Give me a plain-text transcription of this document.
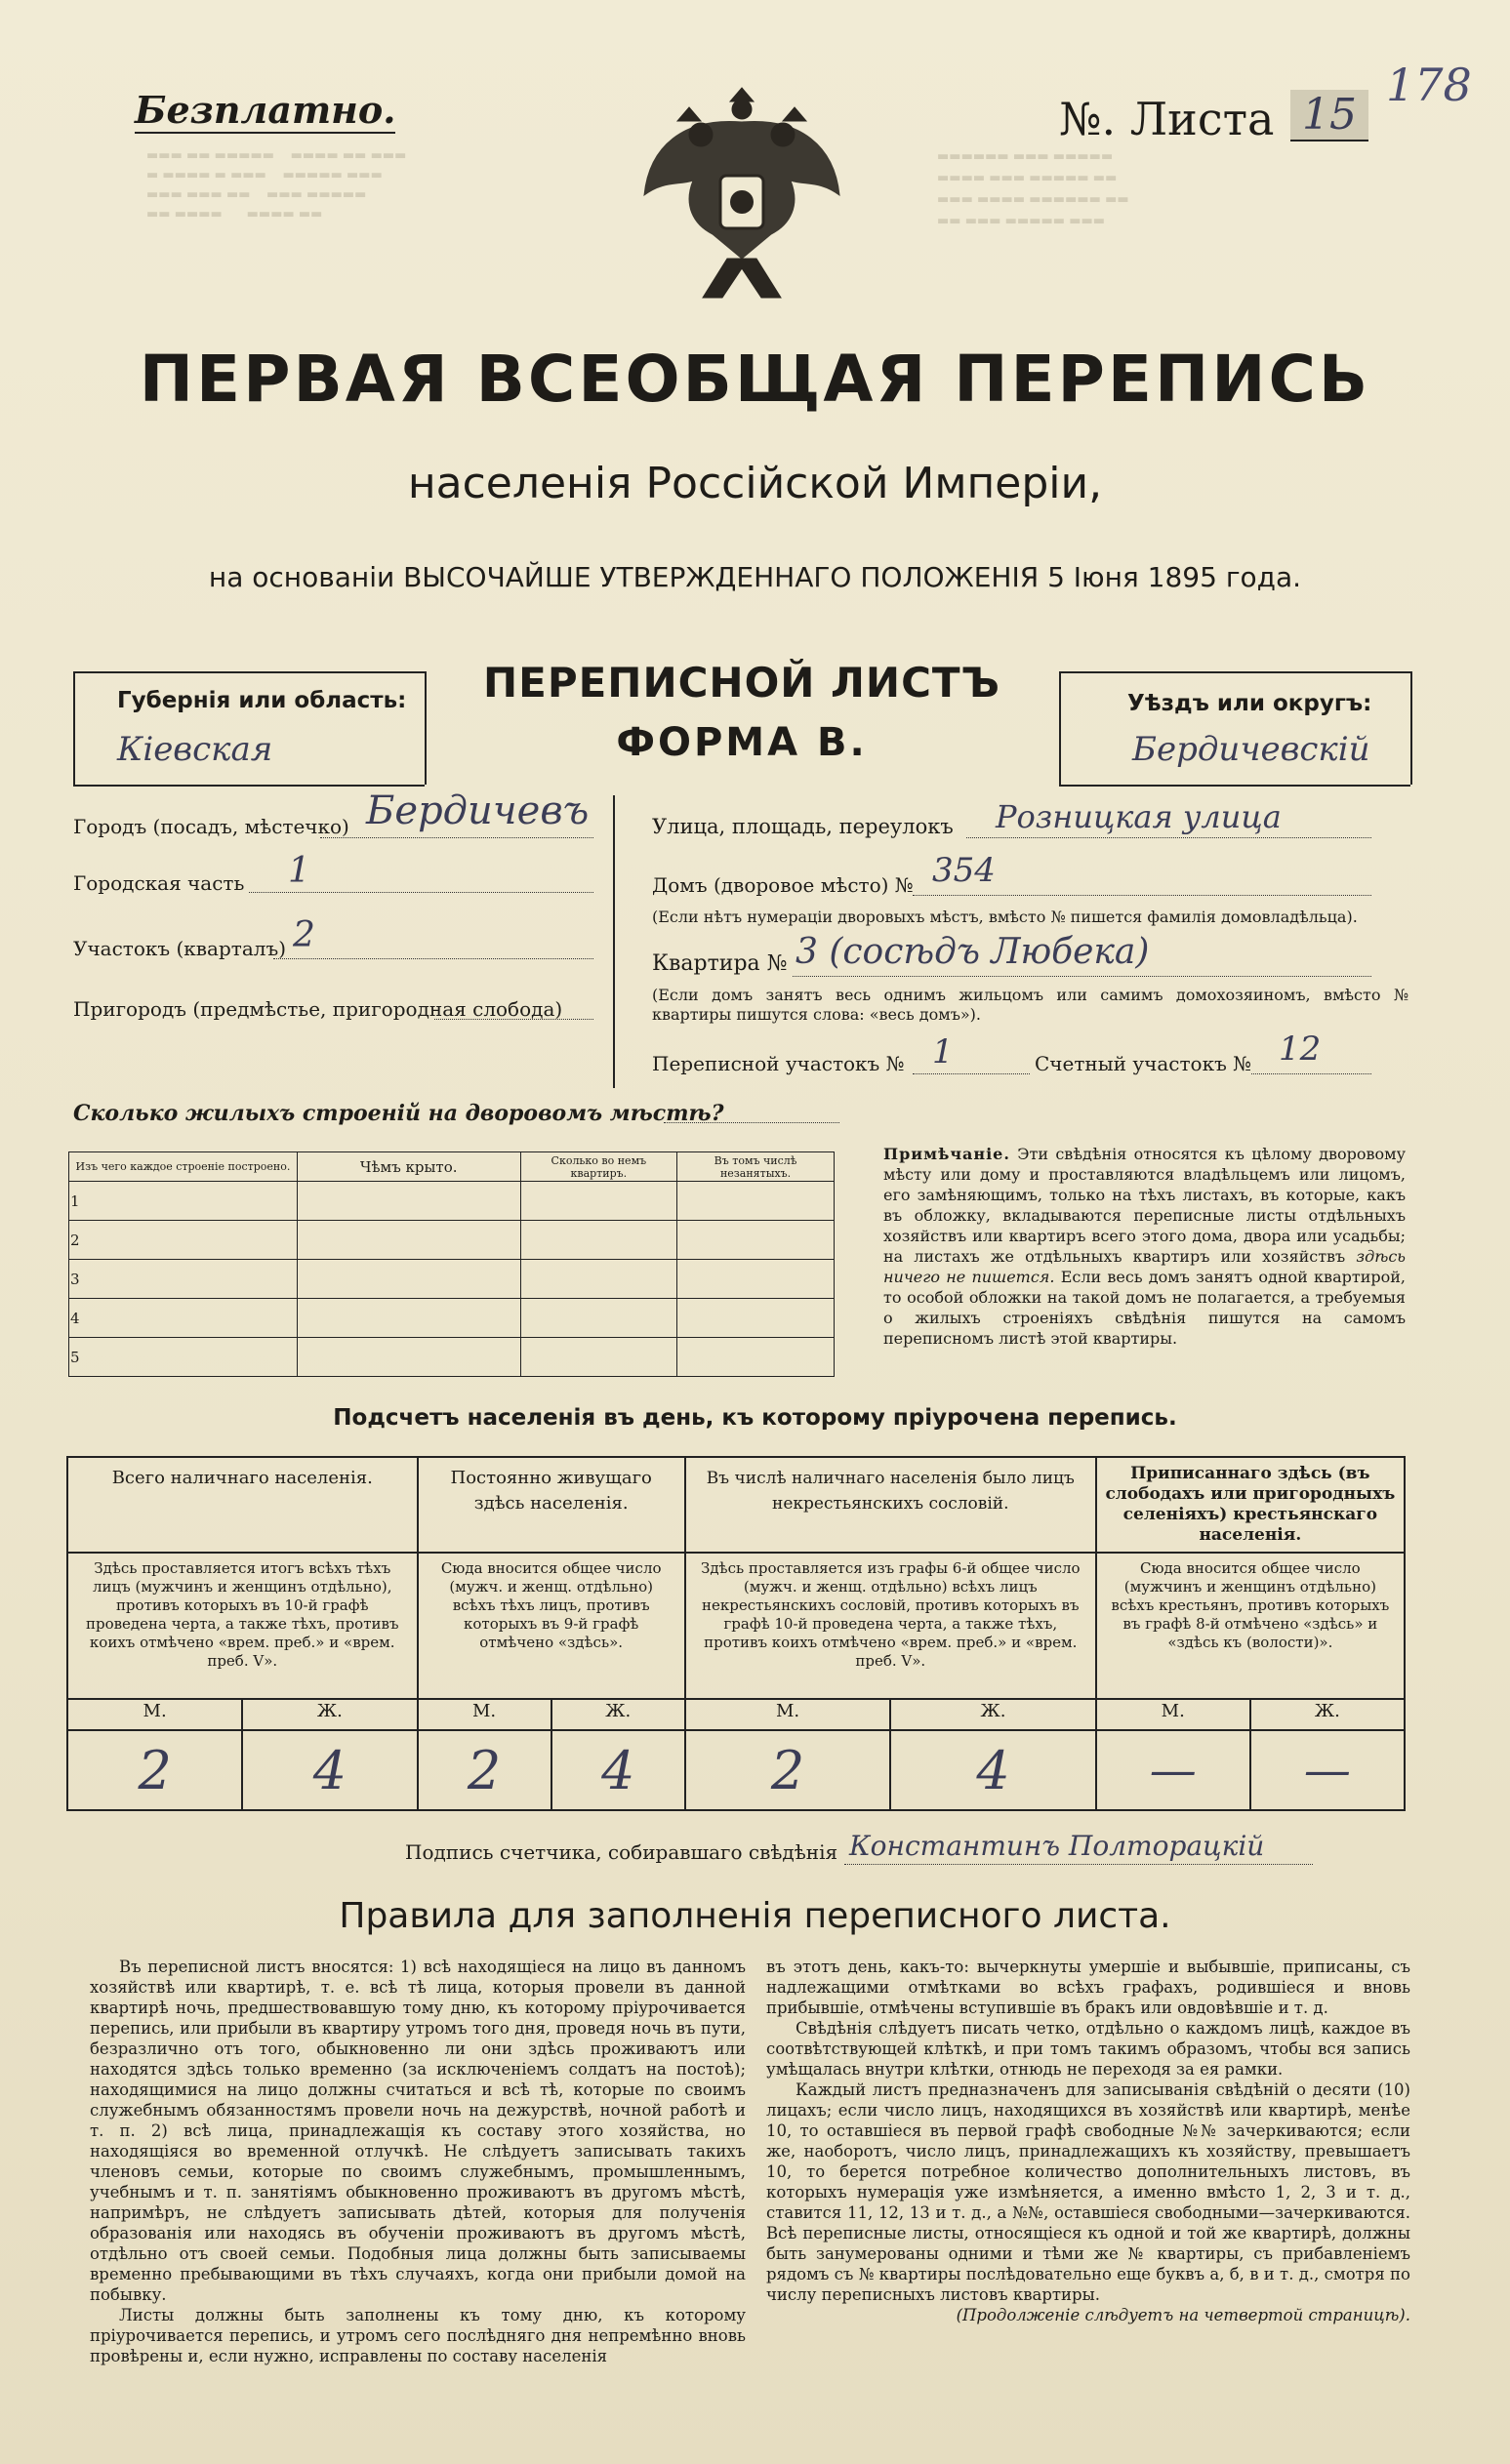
▬▬▬ ▬▬ ▬▬▬▬▬    ▬▬▬▬ ▬▬ ▬▬▬
▬ ▬▬▬▬ ▬ ▬▬▬    ▬▬▬▬▬ ▬▬▬
▬▬▬ ▬▬▬ ▬▬    ▬▬▬ ▬▬▬▬▬
▬▬ ▬▬▬▬      ▬▬▬▬ ▬▬
▬▬▬▬▬▬ ▬▬▬ ▬▬▬▬▬
▬▬▬▬ ▬▬▬ ▬▬▬▬▬ ▬▬
▬▬▬ ▬▬▬▬ ▬▬▬▬▬▬ ▬▬
▬▬ ▬▬▬ ▬▬▬▬▬ ▬▬▬
Безплатно.	№. Листа 15
178
ПЕРВАЯ ВСЕОБЩАЯ ПЕРЕПИСЬ
населенія Россійской Имперіи,
на основаніи ВЫСОЧАЙШЕ УТВЕРЖДЕННАГО ПОЛОЖЕНІЯ 5 Іюня 1895 года.
Губернія или область:
Кіевская
ПЕРЕПИСНОЙ ЛИСТЪ
ФОРМА В.
Уѣздъ или округъ:
Бердичевскій
Городъ (посадъ, мѣстечко) Бердичевъ
Городская часть 1
Участокъ (кварталъ) 2
Пригородъ (предмѣстье, пригородная слобода)
Улица, площадь, переулокъ Розницкая улица
Домъ (дворовое мѣсто) № 354
(Если нѣтъ нумераціи дворовыхъ мѣстъ, вмѣсто № пишется фамилія домовладѣльца).
Квартира № 3 (сосѣдъ Любека)
(Если домъ занятъ весь однимъ жильцомъ или самимъ домохозяиномъ, вмѣсто № квартиры пишутся слова: «весь домъ»).
Переписной участокъ № 1	Счетный участокъ № 12
Сколько жилыхъ строеній на дворовомъ мѣстѣ?
Изъ чего каждое строеніе построено.	Чѣмъ крыто.	Сколько во немъ квартиръ.	Въ томъ числѣ незанятыхъ.
1			
2			
3			
4			
5			
Примѣчаніе. Эти свѣдѣнія относятся къ цѣлому дворовому мѣсту или дому и проставляются владѣльцемъ или лицомъ, его замѣняющимъ, только на тѣхъ листахъ, въ которые, какъ въ обложку, вкладываются переписные листы отдѣльныхъ хозяйствъ или квартиръ всего этого дома, двора или усадьбы; на листахъ же отдѣльныхъ квартиръ или хозяйствъ здѣсь ничего не пишется. Если весь домъ занятъ одной квартирой, то особой обложки на такой домъ не полагается, а требуемыя о жилыхъ строеніяхъ свѣдѣнія пишутся на самомъ переписномъ листѣ этой квартиры.
Подсчетъ населенія въ день, къ которому пріурочена перепись.
Всего наличнаго населенія.		Постоянно живущаго здѣсь населенія.		Въ числѣ наличнаго населенія было лицъ некрестьянскихъ сословій.		Приписаннаго здѣсь (въ слободахъ или пригородныхъ селеніяхъ) крестьянскаго населенія.	
Здѣсь проставляется итогъ всѣхъ тѣхъ лицъ (мужчинъ и женщинъ отдѣльно), противъ которыхъ въ 10-й графѣ проведена черта, а также тѣхъ, противъ коихъ отмѣчено «врем. преб.» и «врем. преб. V».		Сюда вносится общее число (мужч. и женщ. отдѣльно) всѣхъ тѣхъ лицъ, противъ которыхъ въ 9-й графѣ отмѣчено «здѣсь».		Здѣсь проставляется изъ графы 6-й общее число (мужч. и женщ. отдѣльно) всѣхъ лицъ некрестьянскихъ сословій, противъ которыхъ въ графѣ 10-й проведена черта, а также тѣхъ, противъ коихъ отмѣчено «врем. преб.» и «врем. преб. V».		Сюда вносится общее число (мужчинъ и женщинъ отдѣльно) всѣхъ крестьянъ, противъ которыхъ въ графѣ 8-й отмѣчено «здѣсь» и «здѣсь къ (волости)».	
М.	Ж.	М.	Ж.	М.	Ж.	М.	Ж.
2	4	2	4	2	4	—	—
Подпись счетчика, собиравшаго свѣдѣнія Константинъ Полторацкій
Правила для заполненія переписного листа.

Въ переписной листъ вносятся: 1) всѣ находящіеся на лицо въ данномъ хозяйствѣ или квартирѣ, т. е. всѣ тѣ лица, которыя провели въ данной квартирѣ ночь, предшествовавшую тому дню, къ которому пріурочивается перепись, или прибыли въ квартиру утромъ того дня, проведя ночь въ пути, безразлично отъ того, обыкновенно ли они здѣсь проживаютъ или находятся здѣсь только временно (за исключеніемъ солдатъ на постоѣ); находящимися на лицо должны считаться и всѣ тѣ, которые по своимъ служебнымъ обязанностямъ провели ночь на дежурствѣ, ночной работѣ и т. п. 2) всѣ лица, принадлежащія къ составу этого хозяйства, но находящіяся во временной отлучкѣ. Не слѣдуетъ записывать такихъ членовъ семьи, которые по своимъ служебнымъ, промышленнымъ, учебнымъ и т. п. занятіямъ обыкновенно проживаютъ въ другомъ мѣстѣ, напримѣръ, не слѣдуетъ записывать дѣтей, которыя для полученія образованія или находясь въ обученіи проживаютъ въ другомъ мѣстѣ, отдѣльно отъ своей семьи. Подобныя лица должны быть записываемы временно пребывающими въ тѣхъ случаяхъ, когда они прибыли домой на побывку.

Листы должны быть заполнены къ тому дню, къ которому пріурочивается перепись, и утромъ сего послѣдняго дня непремѣнно вновь провѣрены и, если нужно, исправлены по составу населенія

въ этотъ день, какъ-то: вычеркнуты умершіе и выбывшіе, приписаны, съ надлежащими отмѣтками во всѣхъ графахъ, родившіеся и вновь прибывшіе, отмѣчены вступившіе въ бракъ или овдовѣвшіе и т. д.

Свѣдѣнія слѣдуетъ писать четко, отдѣльно о каждомъ лицѣ, каждое въ соотвѣтствующей клѣткѣ, и при томъ такимъ образомъ, чтобы вся запись умѣщалась внутри клѣтки, отнюдь не переходя за ея рамки.

Каждый листъ предназначенъ для записыванія свѣдѣній о десяти (10) лицахъ; если число лицъ, находящихся въ хозяйствѣ или квартирѣ, менѣе 10, то оставшіеся въ первой графѣ свободные №№ зачеркиваются; если же, наоборотъ, число лицъ, принадлежащихъ къ хозяйству, превышаетъ 10, то берется потребное количество дополнительныхъ листовъ, въ которыхъ нумерація уже измѣняется, а именно вмѣсто 1, 2, 3 и т. д., ставится 11, 12, 13 и т. д., а №№, оставшіеся свободными—зачеркиваются. Всѣ переписные листы, относящіеся къ одной и той же квартирѣ, должны быть занумерованы одними и тѣми же № квартиры, съ прибавленіемъ рядомъ съ № квартиры послѣдовательно еще буквъ а, б, в и т. д., смотря по числу переписныхъ листовъ квартиры.

(Продолженіе слѣдуетъ на четвертой страницѣ).
